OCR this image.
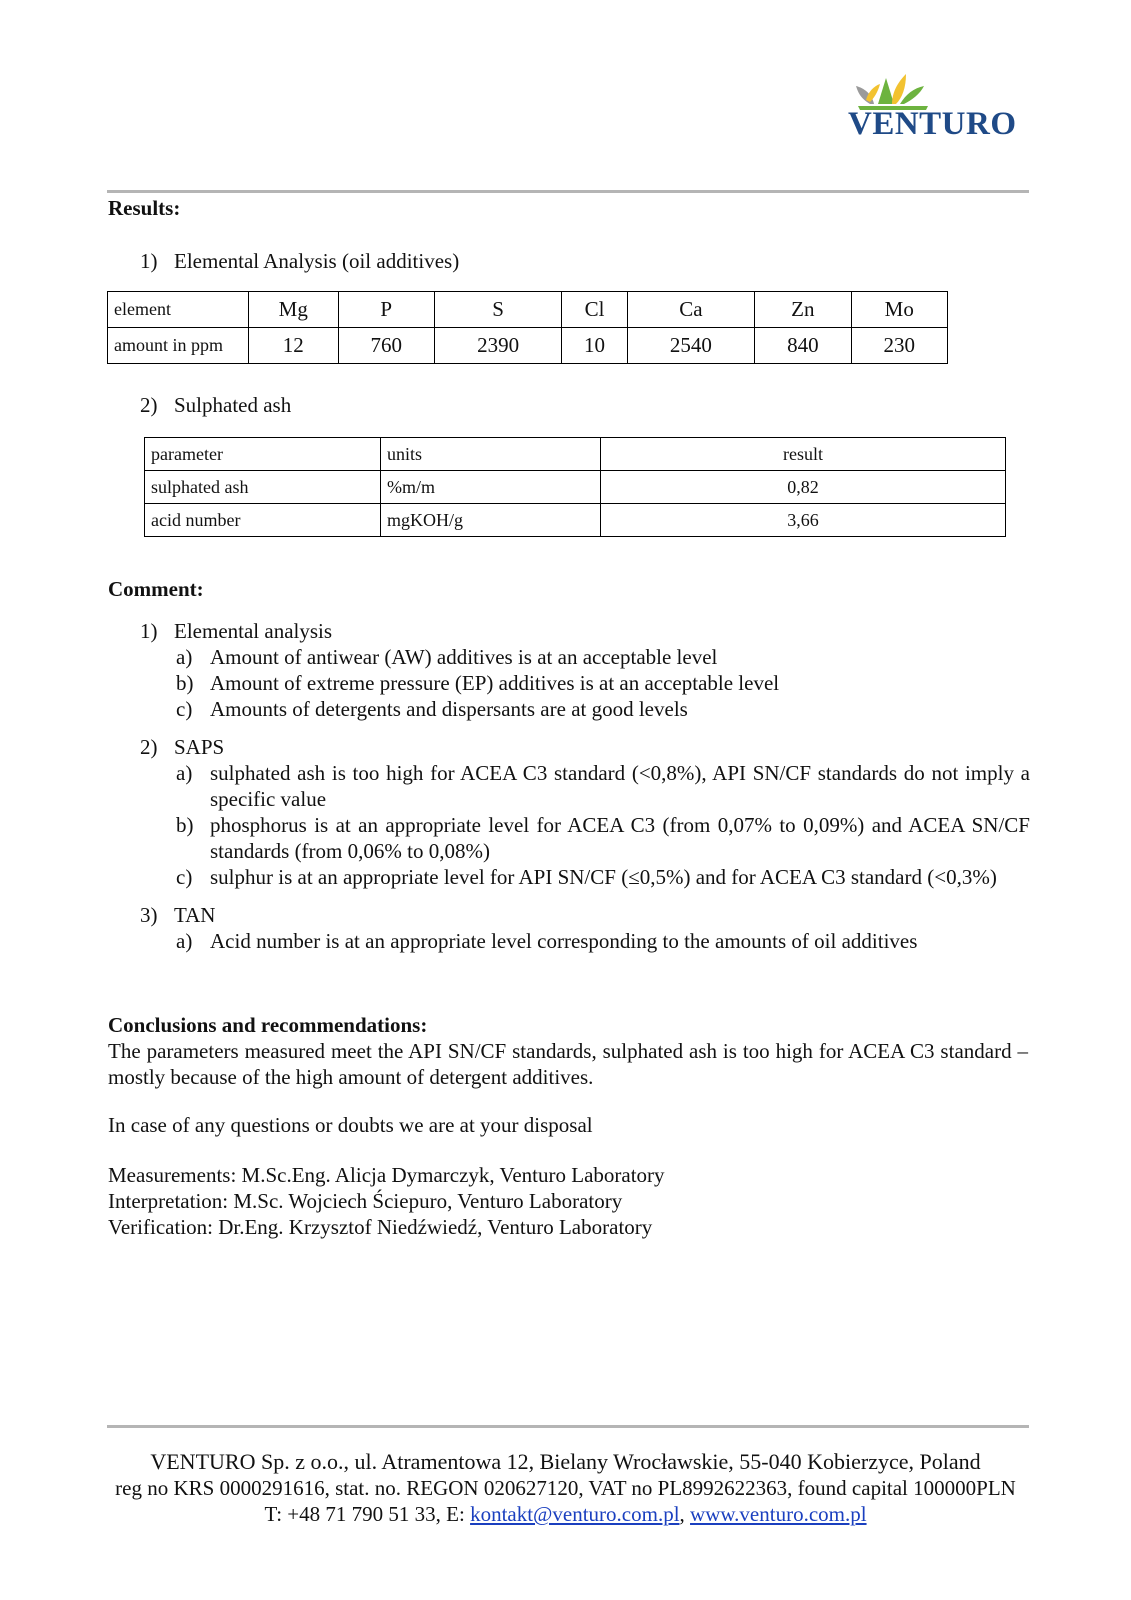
VENTURO
Results:
1) Elemental Analysis (oil additives)
element	Mg	P	S	Cl	Ca	Zn	Mo
amount in ppm	12	760	2390	10	2540	840	230
2) Sulphated ash
parameter	units	result
sulphated ash	%m/m	0,82
acid number	mgKOH/g	3,66
Comment:
1) Elemental analysis
a) Amount of antiwear (AW) additives is at an acceptable level
b) Amount of extreme pressure (EP) additives is at an acceptable level
c) Amounts of detergents and dispersants are at good levels
2) SAPS
a) sulphated ash is too high for ACEA C3 standard (<0,8%), API SN/CF standards do not imply a specific value
b) phosphorus is at an appropriate level for ACEA C3 (from 0,07% to 0,09%) and ACEA SN/CF standards (from 0,06% to 0,08%)
c) sulphur is at an appropriate level for API SN/CF (≤0,5%) and for ACEA C3 standard (<0,3%)
3) TAN
a) Acid number is at an appropriate level corresponding to the amounts of oil additives

Conclusions and recommendations:

The parameters measured meet the API SN/CF standards, sulphated ash is too high for ACEA C3 standard – mostly because of the high amount of detergent additives.

In case of any questions or doubts we are at your disposal

Measurements: M.Sc.Eng. Alicja Dymarczyk, Venturo Laboratory

Interpretation: M.Sc. Wojciech Ściepuro, Venturo Laboratory

Verification: Dr.Eng. Krzysztof Niedźwiedź, Venturo Laboratory

VENTURO Sp. z o.o., ul. Atramentowa 12, Bielany Wrocławskie, 55-040 Kobierzyce, Poland
reg no KRS 0000291616, stat. no. REGON 020627120, VAT no PL8992622363, found capital 100000PLN
T: +48 71 790 51 33, E: kontakt@venturo.com.pl, www.venturo.com.pl
